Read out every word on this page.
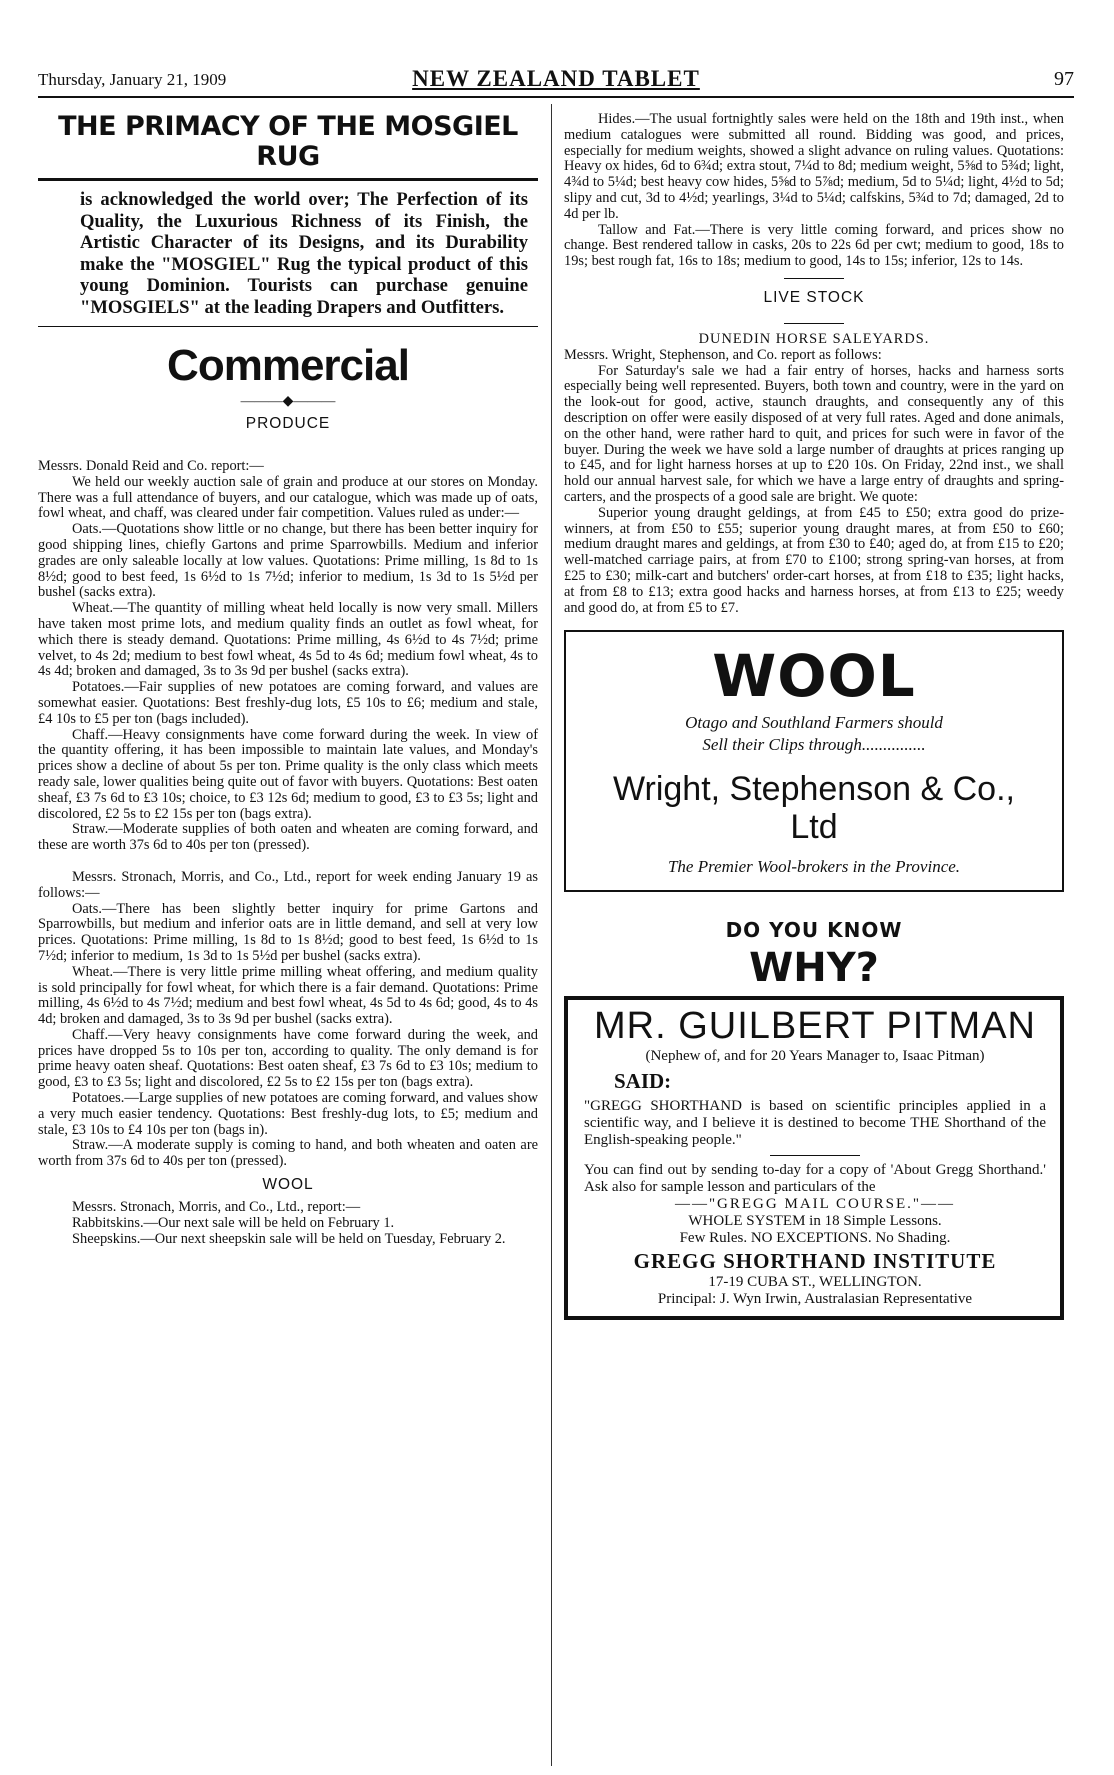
Thursday, January 21, 1909	NEW ZEALAND TABLET	97
THE PRIMACY OF THE MOSGIEL RUG

is acknowledged the world over; The Perfection of its Quality, the Luxurious Richness of its Finish, the Artistic Character of its Designs, and its Durability make the "MOSGIEL" Rug the typical product of this young Dominion. Tourists can purchase genuine "MOSGIELS" at the leading Drapers and Outfitters.

Commercial
———◆———
PRODUCE

Messrs. Donald Reid and Co. report:—

We held our weekly auction sale of grain and produce at our stores on Monday. There was a full attendance of buyers, and our catalogue, which was made up of oats, fowl wheat, and chaff, was cleared under fair competition. Values ruled as under:—

Oats.—Quotations show little or no change, but there has been better inquiry for good shipping lines, chiefly Gartons and prime Sparrowbills. Medium and inferior grades are only saleable locally at low values. Quotations: Prime milling, 1s 8d to 1s 8½d; good to best feed, 1s 6½d to 1s 7½d; inferior to medium, 1s 3d to 1s 5½d per bushel (sacks extra).

Wheat.—The quantity of milling wheat held locally is now very small. Millers have taken most prime lots, and medium quality finds an outlet as fowl wheat, for which there is steady demand. Quotations: Prime milling, 4s 6½d to 4s 7½d; prime velvet, to 4s 2d; medium to best fowl wheat, 4s 5d to 4s 6d; medium fowl wheat, 4s to 4s 4d; broken and damaged, 3s to 3s 9d per bushel (sacks extra).

Potatoes.—Fair supplies of new potatoes are coming forward, and values are somewhat easier. Quotations: Best freshly-dug lots, £5 10s to £6; medium and stale, £4 10s to £5 per ton (bags included).

Chaff.—Heavy consignments have come forward during the week. In view of the quantity offering, it has been impossible to maintain late values, and Monday's prices show a decline of about 5s per ton. Prime quality is the only class which meets ready sale, lower qualities being quite out of favor with buyers. Quotations: Best oaten sheaf, £3 7s 6d to £3 10s; choice, to £3 12s 6d; medium to good, £3 to £3 5s; light and discolored, £2 5s to £2 15s per ton (bags extra).

Straw.—Moderate supplies of both oaten and wheaten are coming forward, and these are worth 37s 6d to 40s per ton (pressed).

Messrs. Stronach, Morris, and Co., Ltd., report for week ending January 19 as follows:—

Oats.—There has been slightly better inquiry for prime Gartons and Sparrowbills, but medium and inferior oats are in little demand, and sell at very low prices. Quotations: Prime milling, 1s 8d to 1s 8½d; good to best feed, 1s 6½d to 1s 7½d; inferior to medium, 1s 3d to 1s 5½d per bushel (sacks extra).

Wheat.—There is very little prime milling wheat offering, and medium quality is sold principally for fowl wheat, for which there is a fair demand. Quotations: Prime milling, 4s 6½d to 4s 7½d; medium and best fowl wheat, 4s 5d to 4s 6d; good, 4s to 4s 4d; broken and damaged, 3s to 3s 9d per bushel (sacks extra).

Chaff.—Very heavy consignments have come forward during the week, and prices have dropped 5s to 10s per ton, according to quality. The only demand is for prime heavy oaten sheaf. Quotations: Best oaten sheaf, £3 7s 6d to £3 10s; medium to good, £3 to £3 5s; light and discolored, £2 5s to £2 15s per ton (bags extra).

Potatoes.—Large supplies of new potatoes are coming forward, and values show a very much easier tendency. Quotations: Best freshly-dug lots, to £5; medium and stale, £3 10s to £4 10s per ton (bags in).

Straw.—A moderate supply is coming to hand, and both wheaten and oaten are worth from 37s 6d to 40s per ton (pressed).

WOOL

Messrs. Stronach, Morris, and Co., Ltd., report:—

Rabbitskins.—Our next sale will be held on February 1.

Sheepskins.—Our next sheepskin sale will be held on Tuesday, February 2.

Hides.—The usual fortnightly sales were held on the 18th and 19th inst., when medium catalogues were submitted all round. Bidding was good, and prices, especially for medium weights, showed a slight advance on ruling values. Quotations: Heavy ox hides, 6d to 6¾d; extra stout, 7¼d to 8d; medium weight, 5⅝d to 5¾d; light, 4¾d to 5¼d; best heavy cow hides, 5⅝d to 5⅞d; medium, 5d to 5¼d; light, 4½d to 5d; slipy and cut, 3d to 4½d; yearlings, 3¼d to 5¼d; calfskins, 5¾d to 7d; damaged, 2d to 4d per lb.

Tallow and Fat.—There is very little coming forward, and prices show no change. Best rendered tallow in casks, 20s to 22s 6d per cwt; medium to good, 18s to 19s; best rough fat, 16s to 18s; medium to good, 14s to 15s; inferior, 12s to 14s.

LIVE STOCK

DUNEDIN HORSE SALEYARDS.

Messrs. Wright, Stephenson, and Co. report as follows:

For Saturday's sale we had a fair entry of horses, hacks and harness sorts especially being well represented. Buyers, both town and country, were in the yard on the look-out for good, active, staunch draughts, and consequently any of this description on offer were easily disposed of at very full rates. Aged and done animals, on the other hand, were rather hard to quit, and prices for such were in favor of the buyer. During the week we have sold a large number of draughts at prices ranging up to £45, and for light harness horses at up to £20 10s. On Friday, 22nd inst., we shall hold our annual harvest sale, for which we have a large entry of draughts and spring-carters, and the prospects of a good sale are bright. We quote:

Superior young draught geldings, at from £45 to £50; extra good do prize-winners, at from £50 to £55; superior young draught mares, at from £50 to £60; medium draught mares and geldings, at from £30 to £40; aged do, at from £15 to £20; well-matched carriage pairs, at from £70 to £100; strong spring-van horses, at from £25 to £30; milk-cart and butchers' order-cart horses, at from £18 to £35; light hacks, at from £8 to £13; extra good hacks and harness horses, at from £13 to £25; weedy and good do, at from £5 to £7.

WOOL
Otago and Southland Farmers should
Sell their Clips through...............
Wright, Stephenson & Co.,
Ltd
The Premier Wool-brokers in the Province.
DO YOU KNOW
WHY?
MR. GUILBERT PITMAN

(Nephew of, and for 20 Years Manager to, Isaac Pitman)

SAID:

"GREGG SHORTHAND is based on scientific principles applied in a scientific way, and I believe it is destined to become THE Shorthand of the English-speaking people."

You can find out by sending to-day for a copy of 'About Gregg Shorthand.' Ask also for sample lesson and particulars of the

——"GREGG MAIL COURSE."——

WHOLE SYSTEM in 18 Simple Lessons.

Few Rules. NO EXCEPTIONS. No Shading.

GREGG SHORTHAND INSTITUTE

17-19 CUBA ST., WELLINGTON.

Principal: J. Wyn Irwin, Australasian Representative
